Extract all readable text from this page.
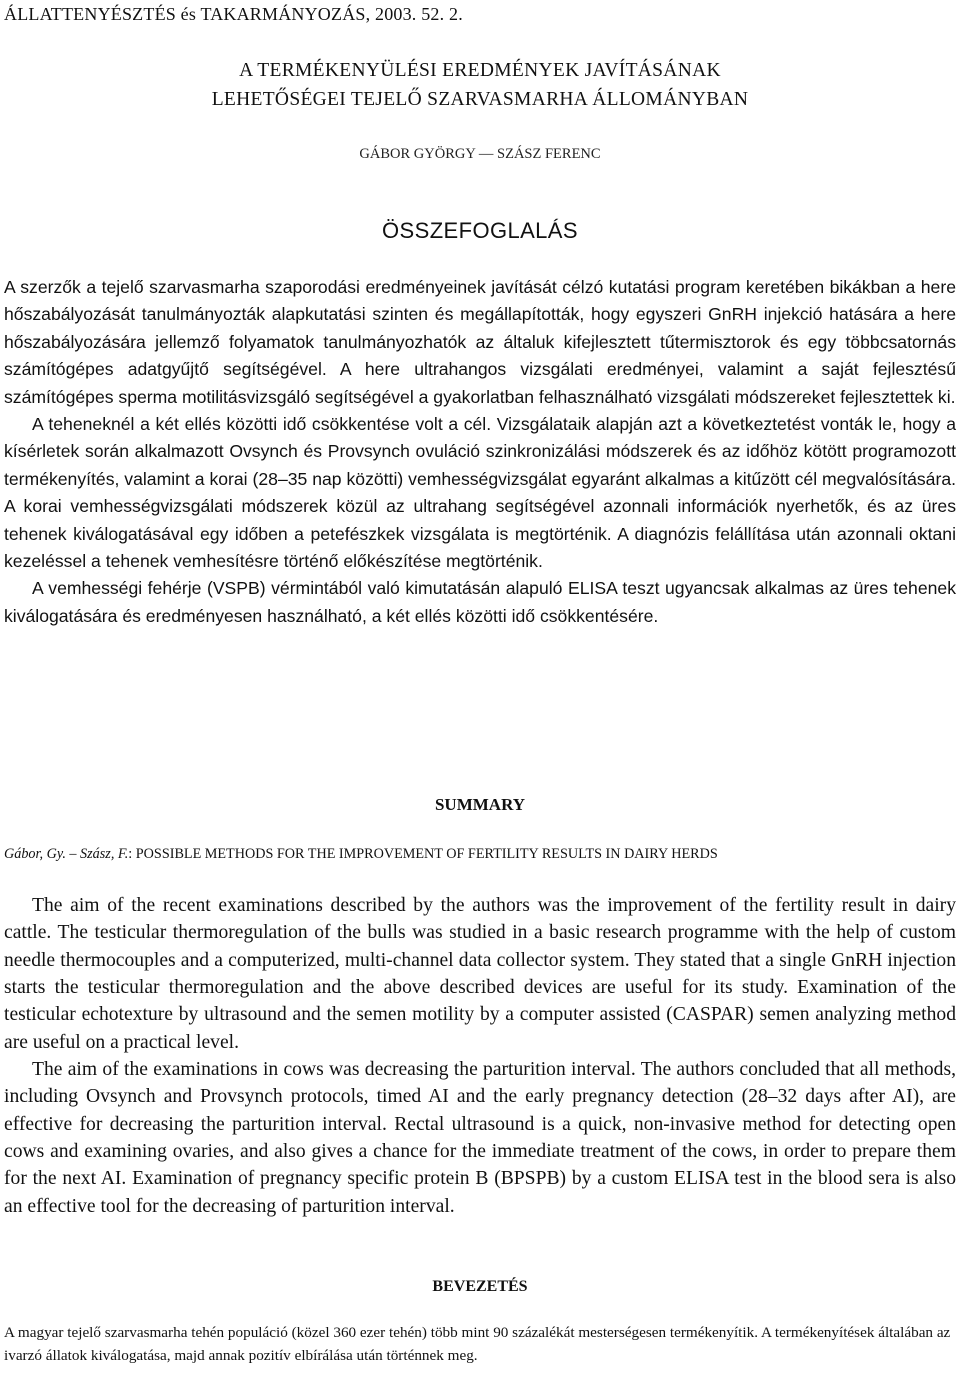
ÁLLATTENYÉSZTÉS és TAKARMÁNYOZÁS, 2003. 52. 2.
A TERMÉKENYÜLÉSI EREDMÉNYEK JAVÍTÁSÁNAK
LEHETŐSÉGEI TEJELŐ SZARVASMARHA ÁLLOMÁNYBAN
GÁBOR GYÖRGY — SZÁSZ FERENC
ÖSSZEFOGLALÁS

A szerzők a tejelő szarvasmarha szaporodási eredményeinek javítását célzó kutatási program keretében bikákban a here hőszabályozását tanulmányozták alapkutatási szinten és megállapították, hogy egyszeri GnRH injekció hatására a here hőszabályozására jellemző folyamatok tanulmányozhatók az általuk kifejlesztett tűtermisztorok és egy többcsatornás számítógépes adatgyűjtő segítségével. A here ultrahangos vizsgálati eredményei, valamint a saját fejlesztésű számítógépes sperma motilitásvizsgáló segítségével a gyakorlatban felhasználható vizsgálati módszereket fejlesztettek ki.

A teheneknél a két ellés közötti idő csökkentése volt a cél. Vizsgálataik alapján azt a következtetést vonták le, hogy a kísérletek során alkalmazott Ovsynch és Provsynch ovuláció szinkronizálási módszerek és az időhöz kötött programozott termékenyítés, valamint a korai (28–35 nap közötti) vemhességvizsgálat egyaránt alkalmas a kitűzött cél megvalósítására. A korai vemhességvizsgálati módszerek közül az ultrahang segítségével azonnali információk nyerhetők, és az üres tehenek kiválogatásával egy időben a petefészkek vizsgálata is megtörténik. A diagnózis felállítása után azonnali oktani kezeléssel a tehenek vemhesítésre történő előkészítése megtörténik.

A vemhességi fehérje (VSPB) vérmintából való kimutatásán alapuló ELISA teszt ugyancsak alkalmas az üres tehenek kiválogatására és eredményesen használható, a két ellés közötti idő csökkentésére.

SUMMARY
Gábor, Gy. – Szász, F.: POSSIBLE METHODS FOR THE IMPROVEMENT OF FERTILITY RESULTS IN DAIRY HERDS

The aim of the recent examinations described by the authors was the improvement of the fertility result in dairy cattle. The testicular thermoregulation of the bulls was studied in a basic research programme with the help of custom needle thermocouples and a computerized, multi-channel data collector system. They stated that a single GnRH injection starts the testicular thermoregulation and the above described devices are useful for its study. Examination of the testicular echotexture by ultrasound and the semen motility by a computer assisted (CASPAR) semen analyzing method are useful on a practical level.

The aim of the examinations in cows was decreasing the parturition interval. The authors concluded that all methods, including Ovsynch and Provsynch protocols, timed AI and the early pregnancy detection (28–32 days after AI), are effective for decreasing the parturition interval. Rectal ultrasound is a quick, non-invasive method for detecting open cows and examining ovaries, and also gives a chance for the immediate treatment of the cows, in order to prepare them for the next AI. Examination of pregnancy specific protein B (BPSPB) by a custom ELISA test in the blood sera is also an effective tool for the decreasing of parturition interval.

BEVEZETÉS

A magyar tejelő szarvasmarha tehén populáció (közel 360 ezer tehén) több mint 90 százalékát mesterségesen termékenyítik. A termékenyítések általában az ivarzó állatok kiválogatása, majd annak pozitív elbírálása után történnek meg.
